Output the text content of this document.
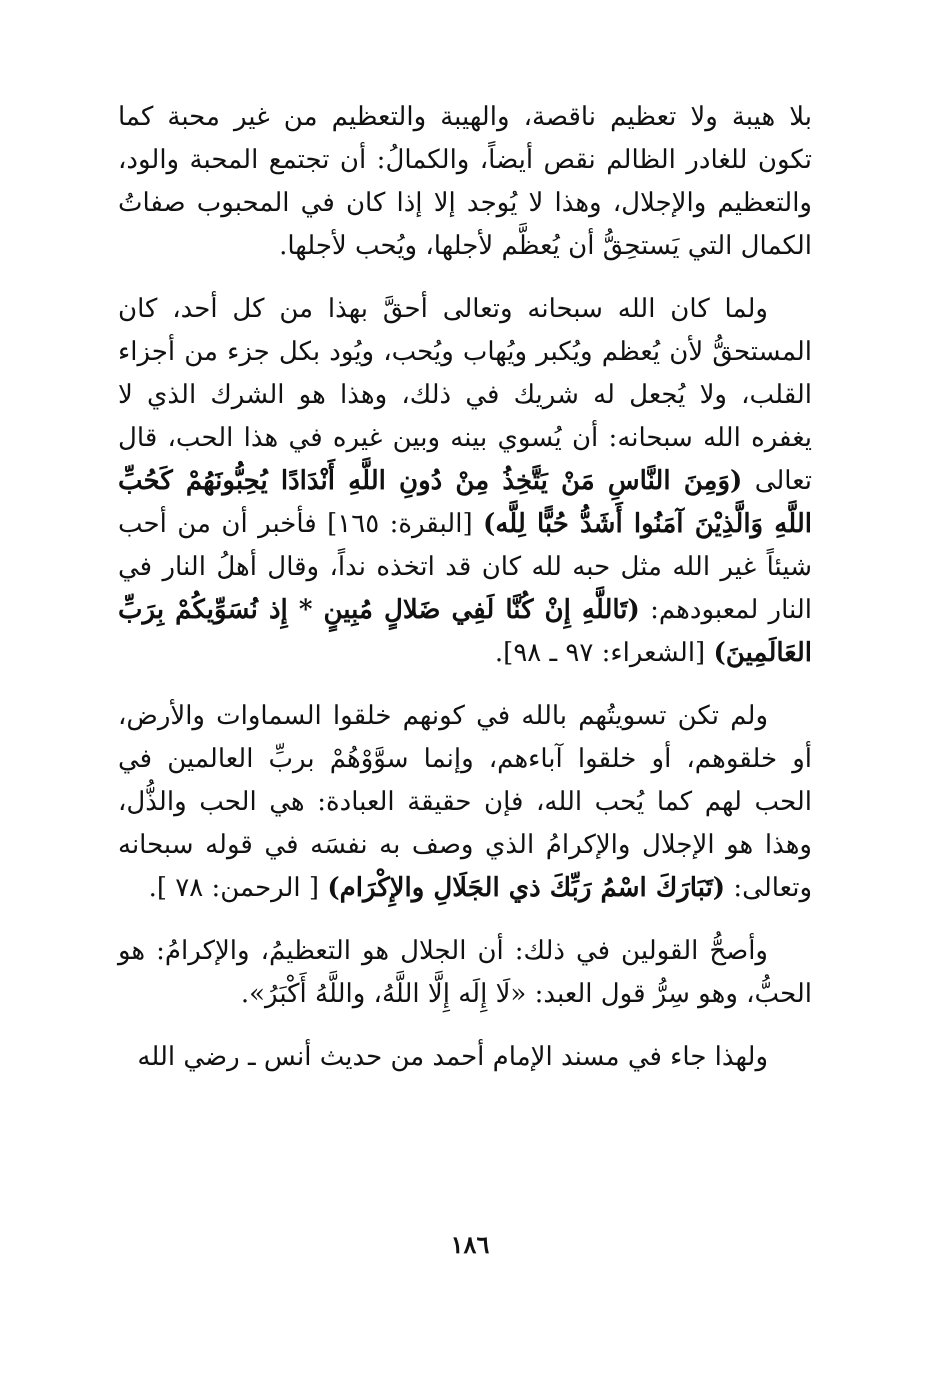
بلا هيبة ولا تعظيم ناقصة، والهيبة والتعظيم من غير محبة كما تكون للغادر الظالم نقص أيضاً، والكمالُ: أن تجتمع المحبة والود، والتعظيم والإجلال، وهذا لا يُوجد إلا إذا كان في المحبوب صفاتُ الكمال التي يَستحِقُّ أن يُعظَّم لأجلها، ويُحب لأجلها.

ولما كان الله سبحانه وتعالى أحقَّ بهذا من كل أحد، كان المستحقُّ لأن يُعظم ويُكبر ويُهاب ويُحب، ويُود بكل جزء من أجزاء القلب، ولا يُجعل له شريك في ذلك، وهذا هو الشرك الذي لا يغفره الله سبحانه: أن يُسوي بينه وبين غيره في هذا الحب، قال تعالى (وَمِنَ النَّاسِ مَنْ يَتَّخِذُ مِنْ دُونِ اللَّهِ أَنْدَادًا يُحِبُّونَهُمْ كَحُبِّ اللَّهِ وَالَّذِيْنَ آمَنُوا أَشَدُّ حُبًّا لِلَّه) [البقرة: ١٦٥] فأخبر أن من أحب شيئاً غير الله مثل حبه لله كان قد اتخذه نداً، وقال أهلُ النار في النار لمعبودهم: (تَاللَّهِ إِنْ كُنَّا لَفِي ضَلالٍ مُبِينٍ * إِذ نُسَوِّيكُمْ بِرَبِّ العَالَمِينَ) [الشعراء: ٩٧ ـ ٩٨].

ولم تكن تسويتُهم بالله في كونهم خلقوا السماوات والأرض، أو خلقوهم، أو خلقوا آباءهم، وإنما سوَّوْهُمْ بربِّ العالمين في الحب لهم كما يُحب الله، فإن حقيقة العبادة: هي الحب والذُّل، وهذا هو الإجلال والإكرامُ الذي وصف به نفسَه في قوله سبحانه وتعالى: (تَبَارَكَ اسْمُ رَبِّكَ ذي الجَلَالِ والإِكْرَام) [ الرحمن: ٧٨ ].

وأصحُّ القولين في ذلك: أن الجلال هو التعظيمُ، والإكرامُ: هو الحبُّ، وهو سِرُّ قول العبد: «لَا إِلَه إِلَّا اللَّهُ، واللَّهُ أَكْبَرُ».

ولهذا جاء في مسند الإمام أحمد من حديث أنس ـ رضي الله

١٨٦
